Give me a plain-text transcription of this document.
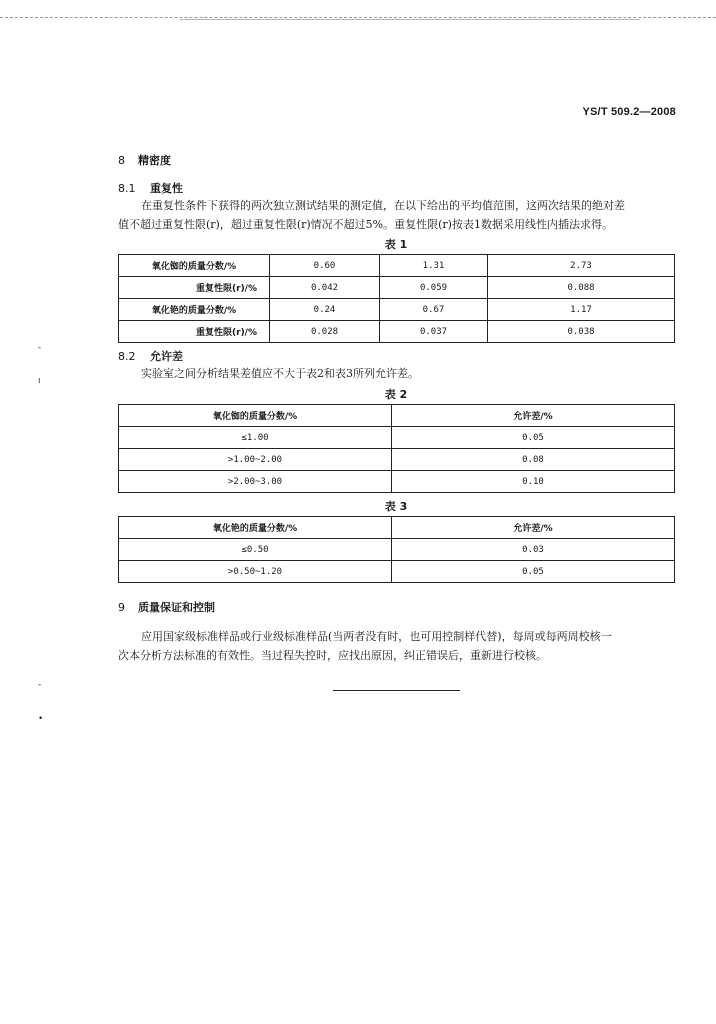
YS/T 509.2—2008
8 精密度
8.1 重复性
在重复性条件下获得的两次独立测试结果的测定值，在以下给出的平均值范围，这两次结果的绝对差
值不超过重复性限(r)，超过重复性限(r)情况不超过5%。重复性限(r)按表1数据采用线性内插法求得。
表 1
氧化铷的质量分数/%	0.60	1.31	2.73
重复性限(r)/%	0.042	0.059	0.088
氧化铯的质量分数/%	0.24	0.67	1.17
重复性限(r)/%	0.028	0.037	0.038
8.2 允许差
实验室之间分析结果差值应不大于表2和表3所列允许差。
表 2
氧化铷的质量分数/%	允许差/%
≤1.00	0.05
>1.00~2.00	0.08
>2.00~3.00	0.10
表 3
氧化铯的质量分数/%	允许差/%
≤0.50	0.03
>0.50~1.20	0.05
9 质量保证和控制
应用国家级标准样品或行业级标准样品(当两者没有时，也可用控制样代替)，每周或每两周校核一
次本分析方法标准的有效性。当过程失控时，应找出原因，纠正错误后，重新进行校核。
-
ı
-
•
